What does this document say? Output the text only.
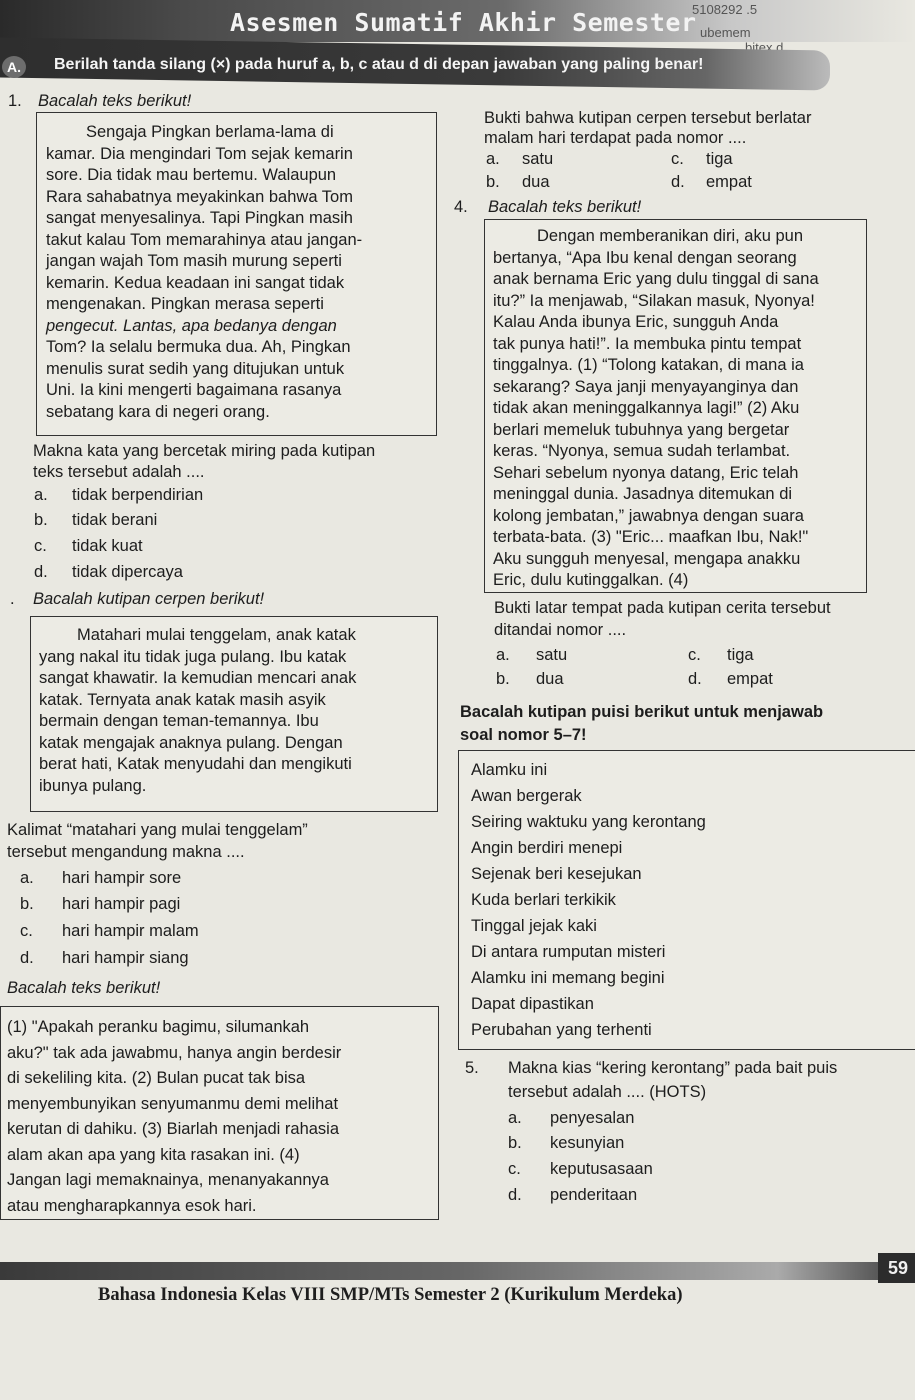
Asesmen Sumatif Akhir Semester
5108292 .5
ubemem
bitex d
A.	Berilah tanda silang (×) pada huruf a, b, c atau d di depan jawaban yang paling benar!
1. Bacalah teks berikut!
Sengaja Pingkan berlama-lama di
kamar. Dia mengindari Tom sejak kemarin
sore. Dia tidak mau bertemu. Walaupun
Rara sahabatnya meyakinkan bahwa Tom
sangat menyesalinya. Tapi Pingkan masih
takut kalau Tom memarahinya atau jangan-
jangan wajah Tom masih murung seperti
kemarin. Kedua keadaan ini sangat tidak
mengenakan. Pingkan merasa seperti
pengecut. Lantas, apa bedanya dengan
Tom? Ia selalu bermuka dua. Ah, Pingkan
menulis surat sedih yang ditujukan untuk
Uni. Ia kini mengerti bagaimana rasanya
sebatang kara di negeri orang.
Makna kata yang bercetak miring pada kutipan
teks tersebut adalah ....
a. tidak berpendirian
b. tidak berani
c. tidak kuat
d. tidak dipercaya
. Bacalah kutipan cerpen berikut!
Matahari mulai tenggelam, anak katak
yang nakal itu tidak juga pulang. Ibu katak
sangat khawatir. Ia kemudian mencari anak
katak. Ternyata anak katak masih asyik
bermain dengan teman-temannya. Ibu
katak mengajak anaknya pulang. Dengan
berat hati, Katak menyudahi dan mengikuti
ibunya pulang.
Kalimat “matahari yang mulai tenggelam”
tersebut mengandung makna ....
a. hari hampir sore
b. hari hampir pagi
c. hari hampir malam
d. hari hampir siang
Bacalah teks berikut!
(1) "Apakah peranku bagimu, silumankah
aku?" tak ada jawabmu, hanya angin berdesir
di sekeliling kita. (2) Bulan pucat tak bisa
menyembunyikan senyumanmu demi melihat
kerutan di dahiku. (3) Biarlah menjadi rahasia
alam akan apa yang kita rasakan ini. (4)
Jangan lagi memaknainya, menanyakannya
atau mengharapkannya esok hari.
Bukti bahwa kutipan cerpen tersebut berlatar
malam hari terdapat pada nomor ....
a. satu
b. dua
c. tiga
d. empat
4. Bacalah teks berikut!
Dengan memberanikan diri, aku pun
bertanya, “Apa Ibu kenal dengan seorang
anak bernama Eric yang dulu tinggal di sana
itu?” Ia menjawab, “Silakan masuk, Nyonya!
Kalau Anda ibunya Eric, sungguh Anda
tak punya hati!”. Ia membuka pintu tempat
tinggalnya. (1) “Tolong katakan, di mana ia
sekarang? Saya janji menyayanginya dan
tidak akan meninggalkannya lagi!” (2) Aku
berlari memeluk tubuhnya yang bergetar
keras. “Nyonya, semua sudah terlambat.
Sehari sebelum nyonya datang, Eric telah
meninggal dunia. Jasadnya ditemukan di
kolong jembatan,” jawabnya dengan suara
terbata-bata. (3) "Eric... maafkan Ibu, Nak!"
Aku sungguh menyesal, mengapa anakku
Eric, dulu kutinggalkan. (4)
Bukti latar tempat pada kutipan cerita tersebut
ditandai nomor ....
a. satu
b. dua
c. tiga
d. empat
Bacalah kutipan puisi berikut untuk menjawab
soal nomor 5–7!
Alamku ini
Awan bergerak
Seiring waktuku yang kerontang
Angin berdiri menepi
Sejenak beri kesejukan
Kuda berlari terkikik
Tinggal jejak kaki
Di antara rumputan misteri
Alamku ini memang begini
Dapat dipastikan
Perubahan yang terhenti
5. Makna kias “kering kerontang” pada bait puis
tersebut adalah .... (HOTS)
a. penyesalan
b. kesunyian
c. keputusasaan
d. penderitaan
59
Bahasa Indonesia Kelas VIII SMP/MTs Semester 2 (Kurikulum Merdeka)
